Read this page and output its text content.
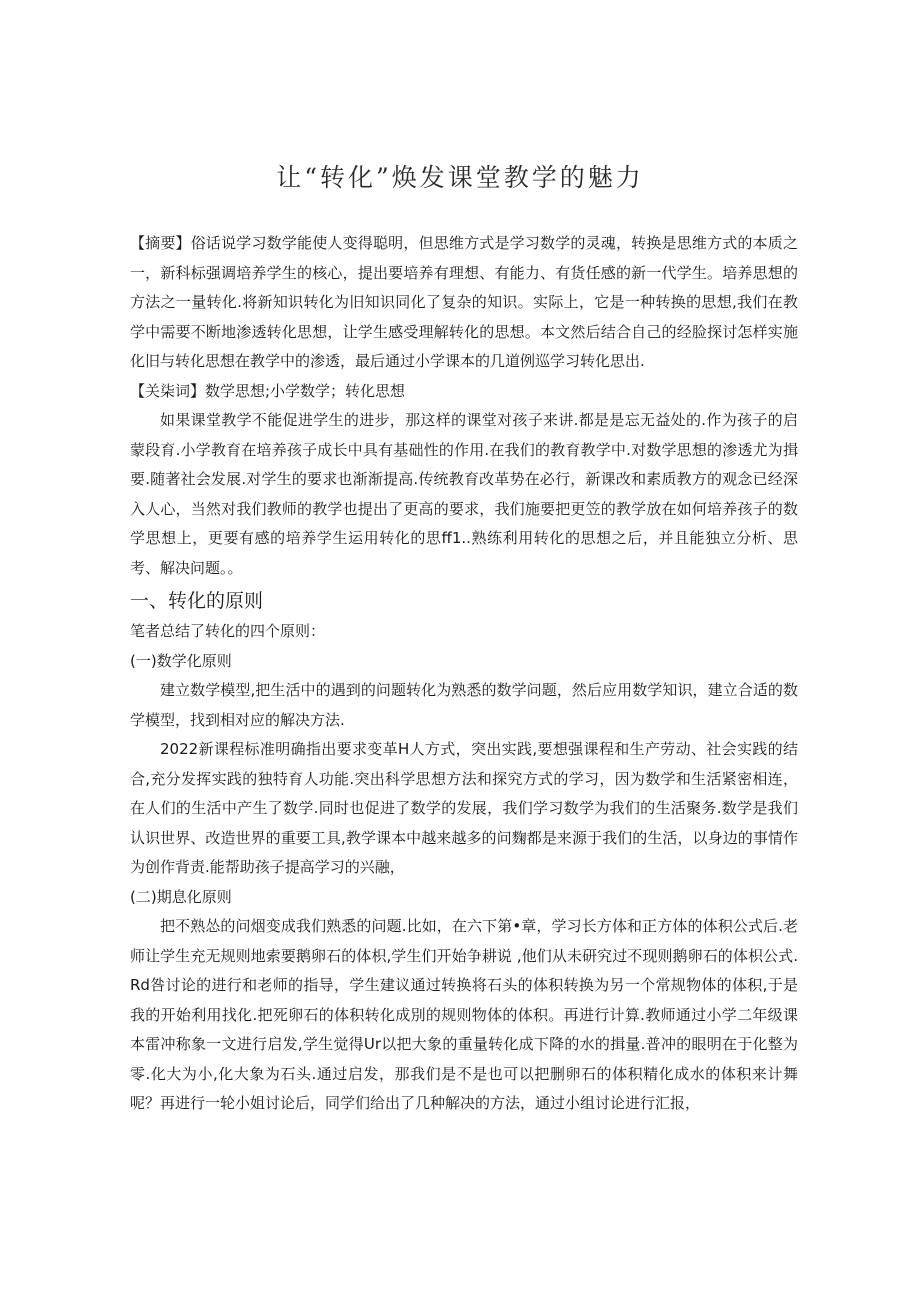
让“转化”焕发课堂教学的魅力

【摘要】俗话说学习数学能使人变得聪明，但思维方式是学习数学的灵魂，转换是思维方式的本质之一，新科标强调培养学生的核心，提出要培养有理想、有能力、有货任感的新一代学生。培养思想的方法之一量转化.将新知识转化为旧知识同化了复杂的知识。实际上，它是一种转换的思想,我们在教学中需要不断地渗透转化思想，让学生感受理解转化的思想。本文然后结合自己的经脸探讨怎样实施化旧与转化思想在教学中的渗透，最后通过小学课本的几道例巡学习转化思出.

【关柒词】数学思想;小学数学；转化思想

如果课堂教学不能促进学生的进步，那这样的课堂对孩子来讲.都是是忘无益处的.作为孩子的启蒙段育.小学教育在培养孩子成长中具有基础性的作用.在我们的教育教学中.对数学思想的渗透尤为揖要.随著社会发展.对学生的要求也渐渐提高.传统教育改革势在必行，新课改和素质教方的观念已经深入人心，当然对我们教师的教学也提出了更高的要求，我们施要把更笠的教学放在如何培养孩子的数学思想上，更要有感的培养学生运用转化的思ff1..熟练利用转化的思想之后，并且能独立分析、思考、解决问题。。

一、转化的原则

笔者总结了转化的四个原则：

(一)数学化原则

建立数学模型,把生活中的遇到的问题转化为熟悉的数学问题，然后应用数学知识，建立合适的数学模型，找到相对应的解决方法.

2022新课程标准明确指出要求变革H人方式，突出实践,要想强课程和生产劳动、社会实践的结合,充分发挥实践的独特育人功能.突出科学思想方法和探究方式的学习，因为数学和生活紧密相连，在人们的生活中产生了数学.同时也促进了数学的发展，我们学习数学为我们的生活聚务.数学是我们认识世界、改造世界的重要工具,教学课本中越来越多的问麴都是来源于我们的生活，以身边的事情作为创作背责.能帮助孩子提高学习的兴融，

(二)期息化原则

把不熟怂的问烟变成我们熟悉的问题.比如，在六下第•章，学习长方体和正方体的体积公式后.老师让学生充无规则地索要鹅卵石的体枳,学生们开始争耕说 ,他们从未研究过不现则鹅卵石的体枳公式.Rd咎讨论的进行和老师的指导，学生建议通过转换将石头的体积转换为另一个常规物体的体积,于是我的开始利用找化.把死卵石的体积转化成別的规则物体的体积。再进行计算.教师通过小学二年级课本雷冲称象一文进行启发,学生觉得Ur以把大象的重量转化成下降的水的揖量.普冲的眼明在于化整为零.化大为小,化大象为石头.通过启发，那我们是不是也可以把删卵石的体积精化成水的体积来计舞呢？再进行一轮小姐讨论后，同学们给出了几种解决的方法，通过小组讨论进行汇报，
